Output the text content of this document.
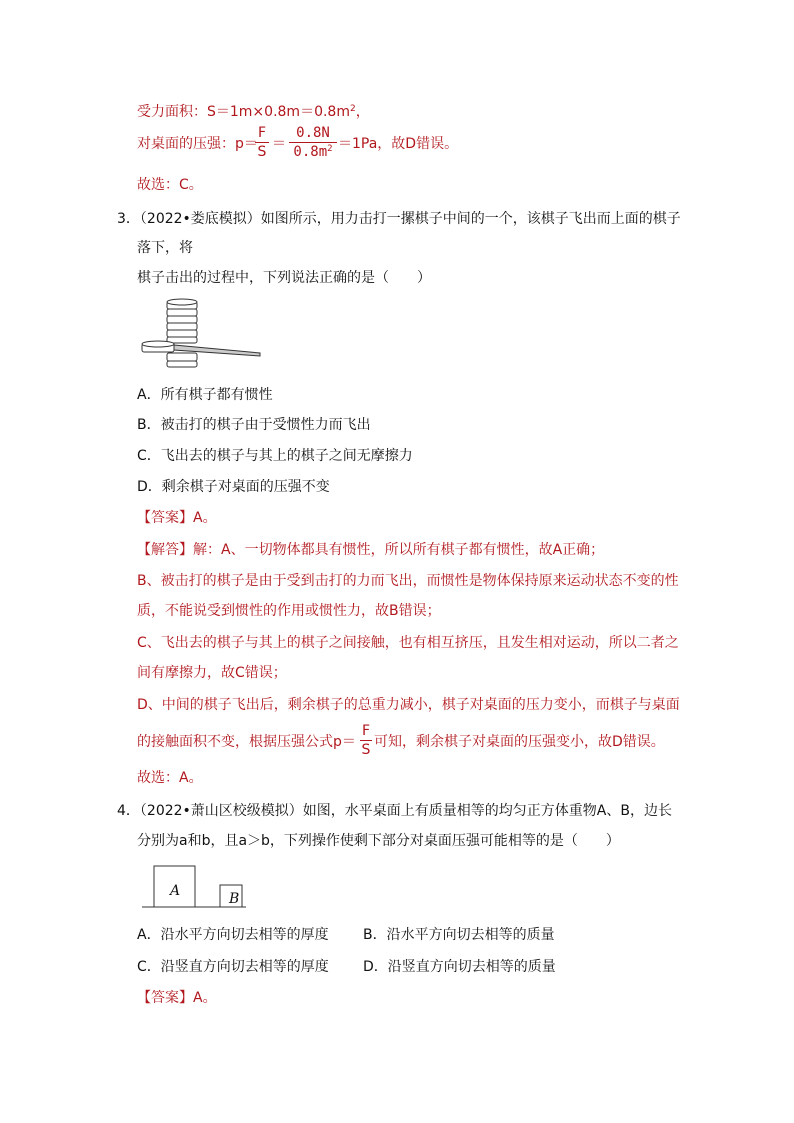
受力面积：$S=1m\times 0.8m=0.8m^2$，
对桌面的压强：p＝
F
S ＝
0.8N
$0.8m^2 =1Pa$，故D错误。
故选：C。
3．（2022•娄底模拟）如图所示，用力击打一摞棋子中间的一个，该棋子飞出而上面的棋子
落下，将
棋子击出的过程中，下列说法正确的是（　　）
A．所有棋子都有惯性
B．被击打的棋子由于受惯性力而飞出
C．飞出去的棋子与其上的棋子之间无摩擦力
D．剩余棋子对桌面的压强不变
【答案】A。
【解答】解：A、一切物体都具有惯性，所以所有棋子都有惯性，故A正确；
B、被击打的棋子是由于受到击打的力而飞出，而惯性是物体保持原来运动状态不变的性
质，不能说受到惯性的作用或惯性力，故B错误；
C、飞出去的棋子与其上的棋子之间接触，也有相互挤压，且发生相对运动，所以二者之
间有摩擦力，故C错误；
D、中间的棋子飞出后，剩余棋子的总重力减小，棋子对桌面的压力变小，而棋子与桌面
的接触面积不变，根据压强公式p＝
F
S 可知，剩余棋子对桌面的压强变小，故D错误。
故选：A。
4．（2022•萧山区校级模拟）如图，水平桌面上有质量相等的均匀正方体重物A、B，边长
分别为a和b，且a＞b，下列操作使剩下部分对桌面压强可能相等的是（　　）
A	B
A．沿水平方向切去相等的厚度 B．沿水平方向切去相等的质量
C．沿竖直方向切去相等的厚度 D．沿竖直方向切去相等的质量
【答案】A。
